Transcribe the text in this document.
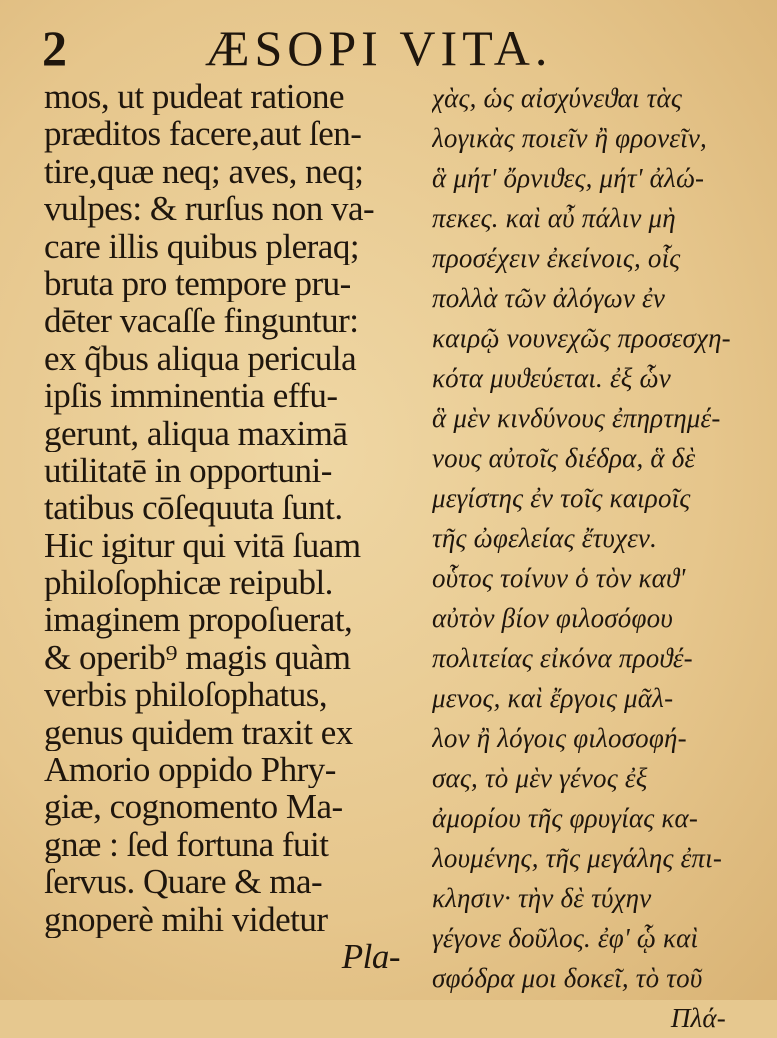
2	ÆSOPI VITA.
mos, ut pudeat ratione
præditos facere,aut ſen-
tire,quæ neq; aves, neq;
vulpes: & rurſus non va-
care illis quibus pleraq;
bruta pro tempore pru-
dēter vacaſſe finguntur:
ex q̃bus aliqua pericula
ipſis imminentia effu-
gerunt, aliqua maximā
utilitatē in opportuni-
tatibus cōſequuta ſunt.
Hic igitur qui vitā ſuam
philoſophicæ reipubl.
imaginem propoſuerat,
& operib⁹ magis quàm
verbis philoſophatus,
genus quidem traxit ex
Amorio oppido Phry-
giæ, cognomento Ma-
gnæ : ſed fortuna fuit
ſervus. Quare & ma-
gnoperè mihi videtur
Pla-
χὰς, ὡς αἰσχύνεϑαι τὰς
λογικὰς ποιεῖν ἢ φρονεῖν,
ἃ μήτ' ὄρνιϑες, μήτ' ἀλώ-
πεκες. καὶ αὖ πάλιν μὴ
προσέχειν ἐκείνοις, οἷς
πολλὰ τῶν ἀλόγων ἐν
καιρῷ νουνεχῶς προσεσχη-
κότα μυϑεύεται. ἐξ ὧν
ἃ μὲν κινδύνους ἐπηρτημέ-
νους αὐτοῖς διέδρα, ἃ δὲ
μεγίστης ἐν τοῖς καιροῖς
τῆς ὠφελείας ἔτυχεν.
οὗτος τοίνυν ὁ τὸν καϑ'
αὐτὸν βίον φιλοσόφου
πολιτείας εἰκόνα προϑέ-
μενος, καὶ ἔργοις μᾶλ-
λον ἢ λόγοις φιλοσοφή-
σας, τὸ μὲν γένος ἐξ
ἀμορίου τῆς φρυγίας κα-
λουμένης, τῆς μεγάλης ἐπι-
κλησιν· τὴν δὲ τύχην
γέγονε δοῦλος. ἐφ' ᾧ καὶ
σφόδρα μοι δοκεῖ, τὸ τοῦ
Πλά-
